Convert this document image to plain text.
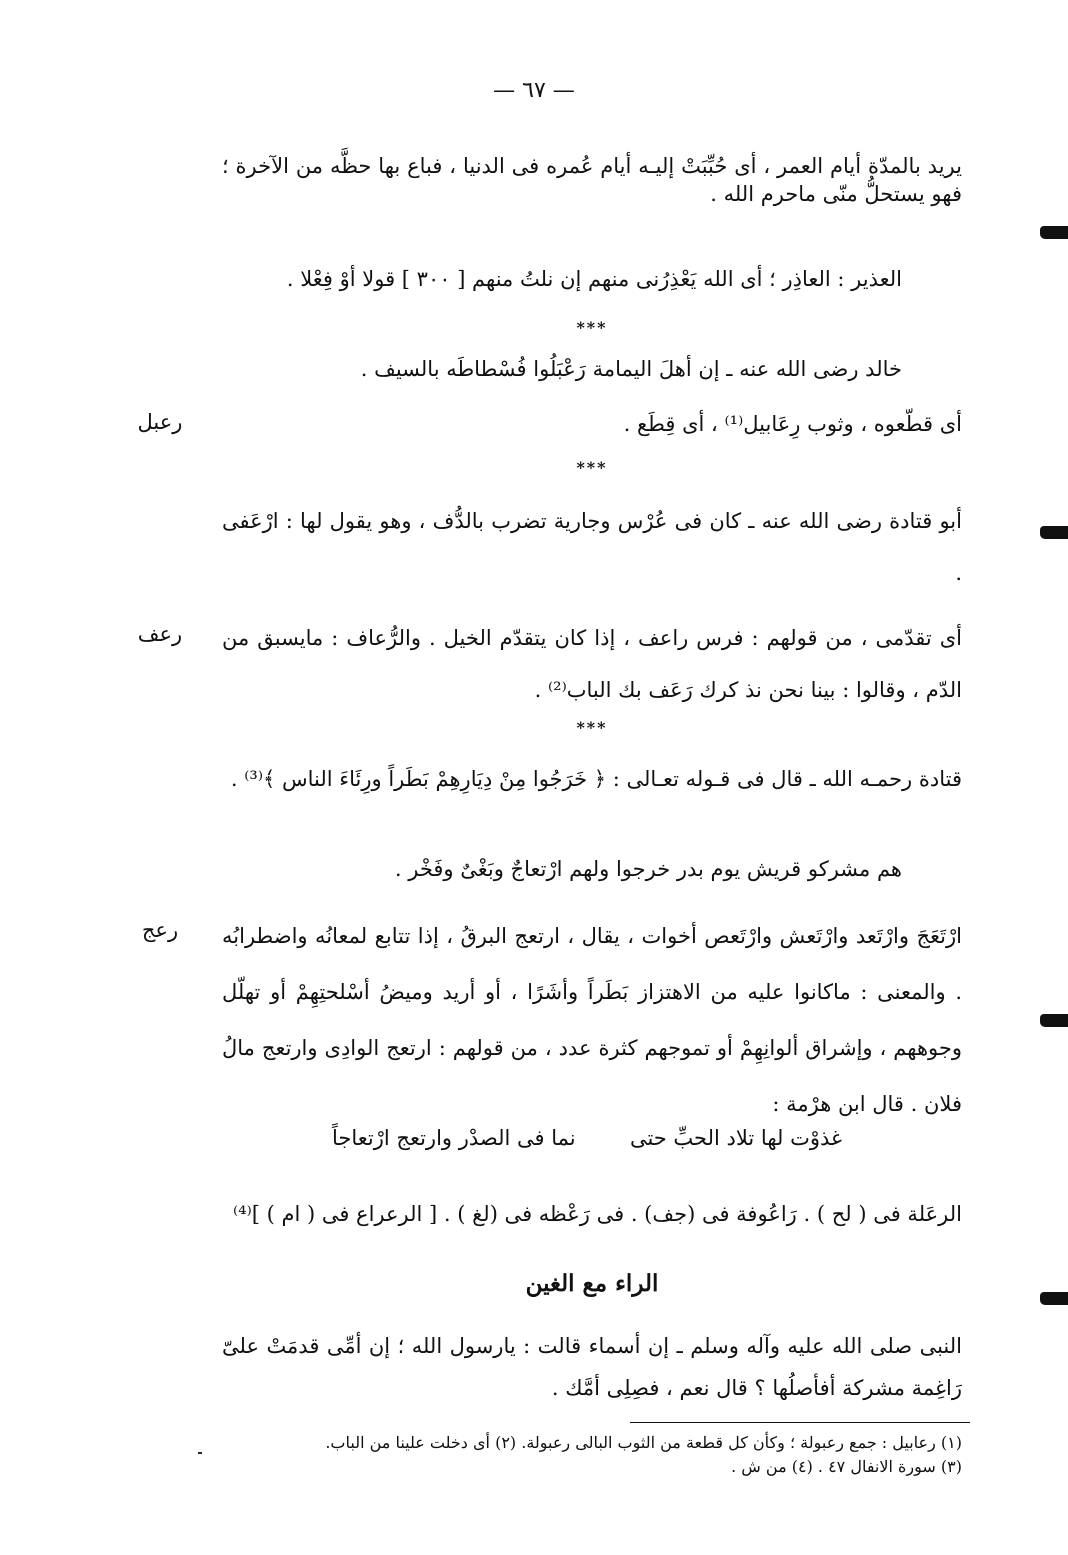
— ٦٧ —
يريد بالمدّة أيام العمر ، أى حُبِّبَتْ إليـه أيام عُمره فى الدنيا ، فباع بها حظَّه من الآخرة ؛ فهو يستحلُّ منّى ماحرم الله .
العذير : العاذِر ؛ أى الله يَعْذِرُنى منهم إن نلتُ منهم [ ٣٠٠ ] قولا أوْ فِعْلا .
***
خالد رضى الله عنه ـ إن أهلَ اليمامة رَعْبَلُوا فُسْطاطَه بالسيف .
أى قطّعوه ، وثوب رِعَابيل⁽¹⁾ ، أى قِطَع .
رعبل
***
أبو قتادة رضى الله عنه ـ كان فى عُرْس وجارية تضرب بالدُّف ، وهو يقول لها : ارْعَفى .
أى تقدّمى ، من قولهم : فرس راعف ، إذا كان يتقدّم الخيل . والرُّعاف : مايسبق من الدّم ، وقالوا : بينا نحن نذ كرك رَعَف بك الباب⁽²⁾ .
رعف
***
قتادة رحمـه الله ـ قال فى قـوله تعـالى : ﴿ خَرَجُوا مِنْ دِيَارِهِمْ بَطَراً ورِئَاءَ الناس ﴾⁽³⁾ .
هم مشركو قريش يوم بدر خرجوا ولهم ارْتعاجٌ وبَغْىٌ وفَخْر .
ارْتَعَجَ وارْتَعد وارْتَعش وارْتَعص أخوات ، يقال ، ارتعج البرقُ ، إذا تتابع لمعانُه واضطرابُه . والمعنى : ماكانوا عليه من الاهتزاز بَطَراً وأشَرًا ، أو أريد وميضُ أسْلحتِهِمْ أو تهلّل وجوههم ، وإشراق ألوانِهِمْ أو تموجهم كثرة عدد ، من قولهم : ارتعج الوادِى وارتعج مالُ فلان . قال ابن هرْمة :
رعج
غذوْت لها تلاد الحبِّ حتى
نما فى الصدْر وارتعج ارْتعاجاً
الرعَلة فى ( لح ) . رَاعُوفة فى (جف) . فى رَعْظه فى (لغ ) . [ الرعراع فى ( ام ) ]⁽⁴⁾
الراء مع الغين
النبى صلى الله عليه وآله وسلم ـ إن أسماء قالت : يارسول الله ؛ إن أمِّى قدمَتْ علىّ رَاغِمة مشركة أفأصلُها ؟ قال نعم ، فصِلِى أمَّك .
(١) رعابيل : جمع رعبولة ؛ وكأن كل قطعة من الثوب البالى رعبولة. (٢) أى دخلت علينا من الباب.
(٣) سورة الانفال ٤٧ . (٤) من ش .
